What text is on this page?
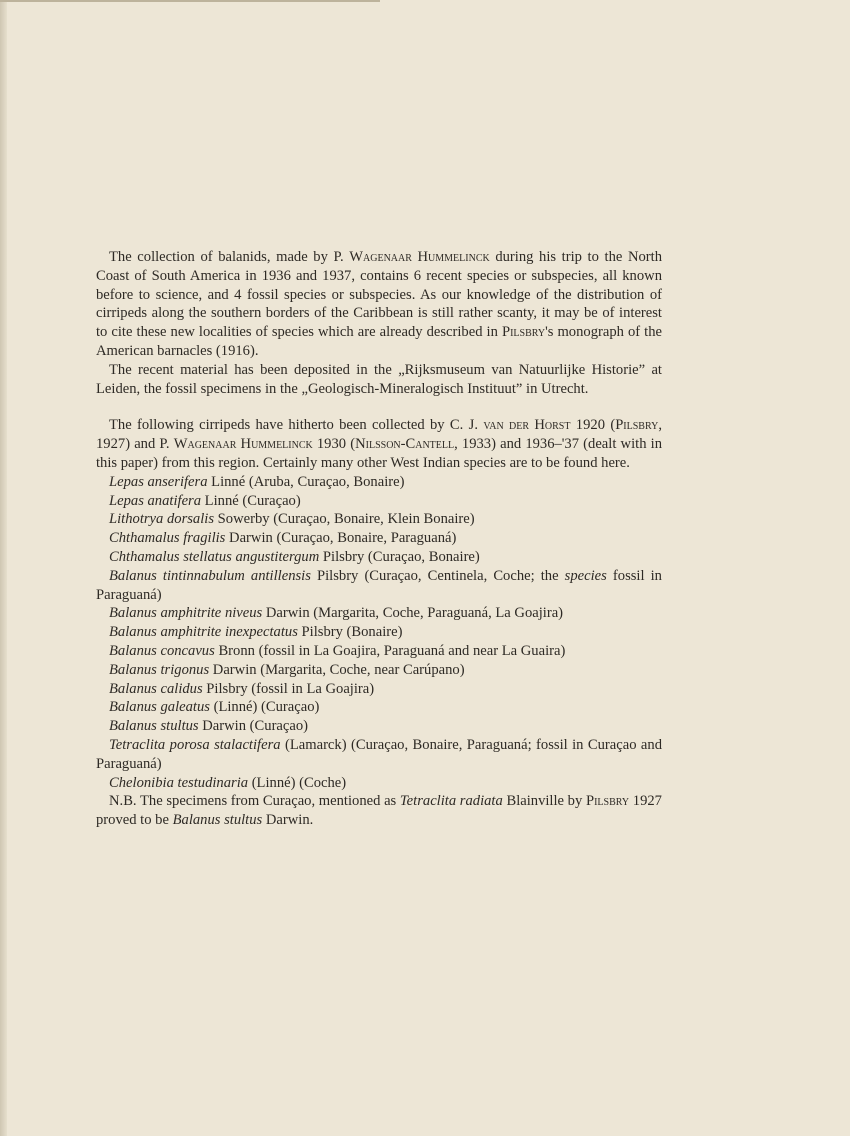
The collection of balanids, made by P. Wagenaar Hummelinck during his trip to the North Coast of South America in 1936 and 1937, contains 6 recent species or subspecies, all known before to science, and 4 fossil species or subspecies. As our knowledge of the distribution of cirripeds along the southern borders of the Caribbean is still rather scanty, it may be of interest to cite these new localities of species which are already described in Pilsbry's monograph of the American barnacles (1916).

The recent material has been deposited in the „Rijksmuseum van Natuurlijke Historie” at Leiden, the fossil specimens in the „Geologisch-Mineralogisch Instituut” in Utrecht.

The following cirripeds have hitherto been collected by C. J. van der Horst 1920 (Pilsbry, 1927) and P. Wagenaar Hummelinck 1930 (Nilsson-Cantell, 1933) and 1936–'37 (dealt with in this paper) from this region. Certainly many other West Indian species are to be found here.

Lepas anserifera Linné (Aruba, Curaçao, Bonaire)

Lepas anatifera Linné (Curaçao)

Lithotrya dorsalis Sowerby (Curaçao, Bonaire, Klein Bonaire)

Chthamalus fragilis Darwin (Curaçao, Bonaire, Paraguaná)

Chthamalus stellatus angustitergum Pilsbry (Curaçao, Bonaire)

Balanus tintinnabulum antillensis Pilsbry (Curaçao, Centinela, Coche; the species fossil in Paraguaná)

Balanus amphitrite niveus Darwin (Margarita, Coche, Paraguaná, La Goajira)

Balanus amphitrite inexpectatus Pilsbry (Bonaire)

Balanus concavus Bronn (fossil in La Goajira, Paraguaná and near La Guaira)

Balanus trigonus Darwin (Margarita, Coche, near Carúpano)

Balanus calidus Pilsbry (fossil in La Goajira)

Balanus galeatus (Linné) (Curaçao)

Balanus stultus Darwin (Curaçao)

Tetraclita porosa stalactifera (Lamarck) (Curaçao, Bonaire, Paraguaná; fossil in Curaçao and Paraguaná)

Chelonibia testudinaria (Linné) (Coche)

N.B. The specimens from Curaçao, mentioned as Tetraclita radiata Blainville by Pilsbry 1927 proved to be Balanus stultus Darwin.
